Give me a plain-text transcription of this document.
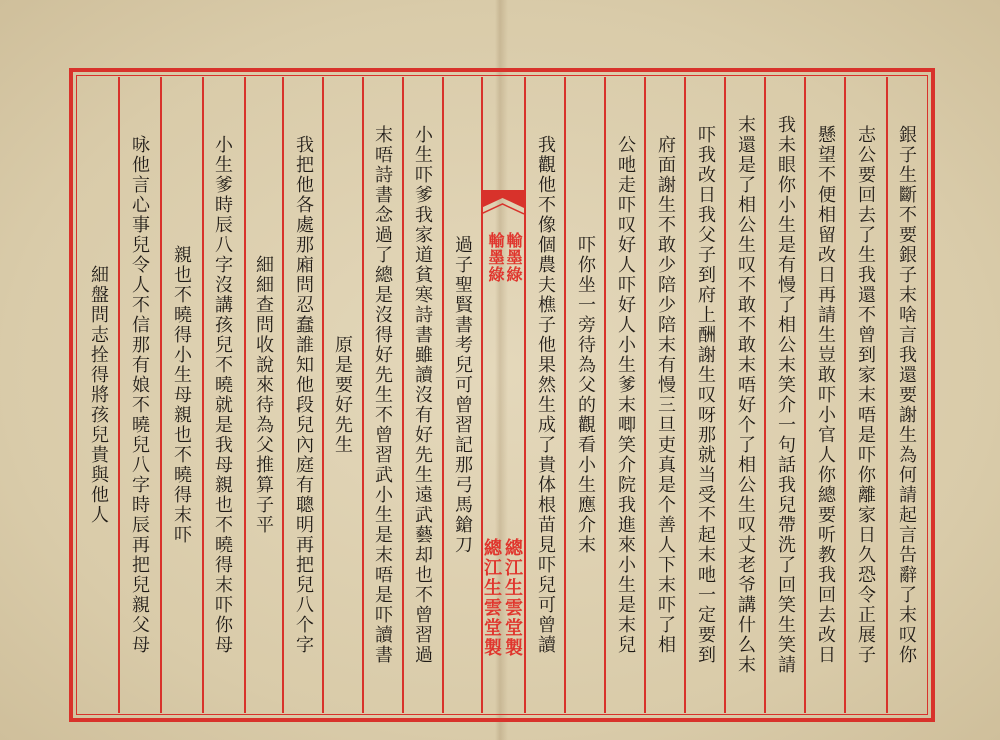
輸墨綠 輸墨綠
總江生雲堂製 總江生雲堂製	銀子生斷不要銀子末啥言我還要謝生為何請起言告辭了末叹你
志公要回去了生我還不曾到家末唔是吓你離家日久恐令正展子
懸望不便相留改日再請生豈敢吓小官人你總要听教我回去改日
我未眼你小生是有慢了相公末笑介一句話我兒帶洗了回笑生笑請
末還是了相公生叹不敢不敢末唔好个了相公生叹丈老爷講什么末
吓我改日我父子到府上酬謝生叹呀那就当受不起末吔一定要到
府面謝生不敢少陪少陪末有慢三旦吏真是个善人下末吓了相
公吔走吓叹好人吓好人小生爹末唧笑介院我進來小生是末兒
吓你坐一旁待為父的觀看小生應介末
我觀他不像個農夫樵子他果然生成了貴体根苗見吓兒可曾讀
過子聖賢書考兒可曾習記那弓馬鎗刀
小生吓爹我家道貧寒詩書雖讀沒有好先生遠武藝却也不曾習過
末唔詩書念過了總是沒得好先生不曾習武小生是末唔是吓讀書
原是要好先生
我把他各處那廂問忍蠢誰知他段兒內庭有聰明再把兒八个字
細細查問收說來待為父推算子平
小生爹時辰八字沒講孩兒不曉就是我母親也不曉得末吓你母
親也不曉得小生母親也不曉得末吓
咏他言心事兒令人不信那有娘不曉兒八字時辰再把兒親父母
細盤問志拴得將孩兒貴與他人
